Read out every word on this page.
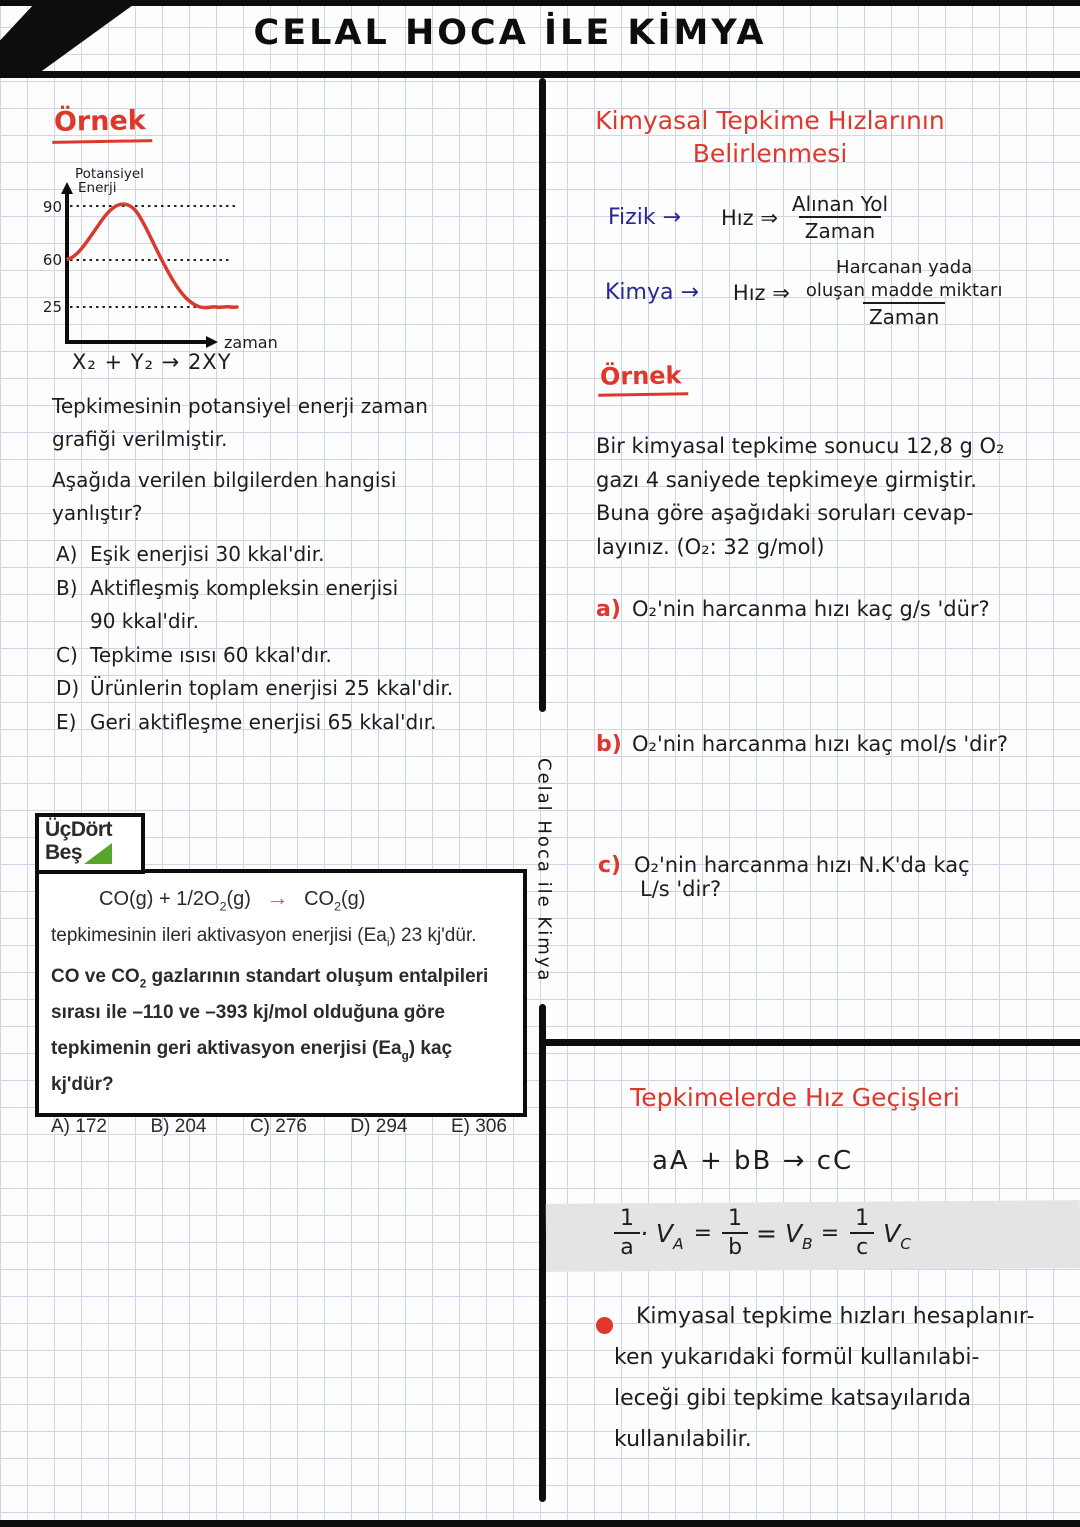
CELAL HOCA İLE KİMYA
Celal Hoca ile Kimya
Örnek
Potansiyel
Enerji
zaman
90
60
25
X₂ + Y₂ → 2XY
Tepkimesinin potansiyel enerji zaman
grafiği verilmiştir.
Aşağıda verilen bilgilerden hangisi
yanlıştır?
A) Eşik enerjisi 30 kkal'dir.
B) Aktifleşmiş kompleksin enerjisi
90 kkal'dir.
C) Tepkime ısısı 60 kkal'dır.
D) Ürünlerin toplam enerjisi 25 kkal'dir.
E) Geri aktifleşme enerjisi 65 kkal'dır.
ÜçDört
Beş
$CO(g) + 1/2O_2(g) \to CO_2(g)$
tepkimesinin ileri aktivasyon enerjisi $(Ea_i)$ 23 kj'dür.
CO ve $CO_2$ gazlarının standart oluşum entalpileri
sırası ile –110 ve –393 kj/mol olduğuna göre
tepkimenin geri aktivasyon enerjisi $(Ea_g)$ kaç kj'dür?
A) 172 B) 204 C) 276 D) 294 E) 306
Kimyasal Tepkime Hızlarının
Belirlenmesi
Fizik → Hız ⇒ $\frac{\text{Alınan Yol}}{\text{Zaman}}$
Kimya → Hız ⇒ Harcanan yada
oluşan madde miktarı
Zaman
Örnek
Bir kimyasal tepkime sonucu 12,8 g O₂
gazı 4 saniyede tepkimeye girmiştir.
Buna göre aşağıdaki soruları cevap-
layınız. (O₂: 32 g/mol)
a) O₂'nin harcanma hızı kaç g/s 'dür?
b) O₂'nin harcanma hızı kaç mol/s 'dir?
c) O₂'nin harcanma hızı N.K'da kaç
L/s 'dir?
Tepkimelerde Hız Geçişleri
aA + bB → cC
$\frac{1}{a} \cdot V_A = \frac{1}{b} = V_B = \frac{1}{c} V_C$
Kimyasal tepkime hızları hesaplanır-
ken yukarıdaki formül kullanılabi-
leceği gibi tepkime katsayılarıda
kullanılabilir.
